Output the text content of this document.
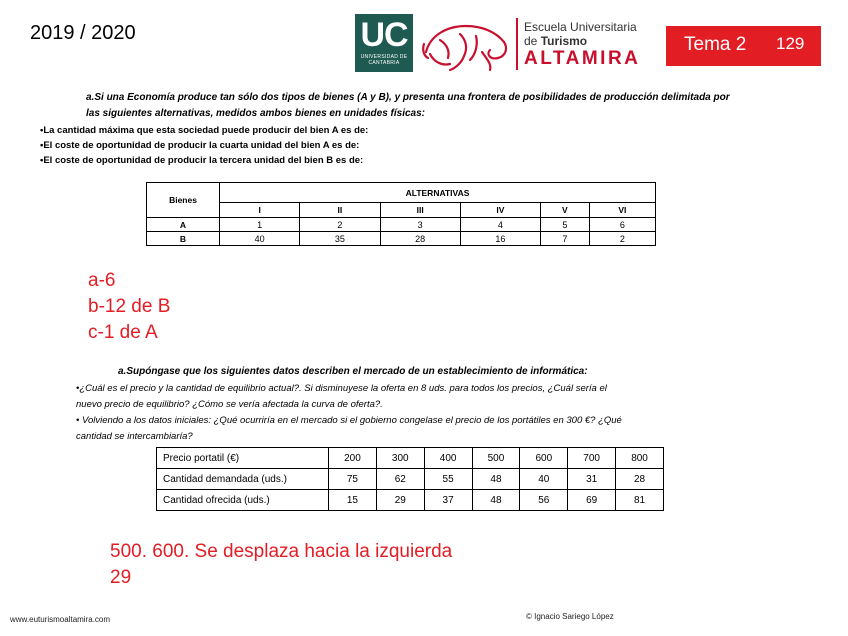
2019 / 2020	UC
UNIVERSIDAD DE CANTABRIA
Escuela Universitaria
de Turismo
ALTAMIRA
Tema 2 129
a.Si una Economía produce tan sólo dos tipos de bienes (A y B), y presenta una frontera de posibilidades de producción delimitada por
las siguientes alternativas, medidos ambos bienes en unidades físicas:
•La cantidad máxima que esta sociedad puede producir del bien A es de:
•El coste de oportunidad de producir la cuarta unidad del bien A es de:
•El coste de oportunidad de producir la tercera unidad del bien B es de:
Bienes	ALTERNATIVAS					
	I	II	III	IV	V	VI
A	1	2	3	4	5	6
B	40	35	28	16	7	2
a-6
b-12 de B
c-1 de A
a.Supóngase que los siguientes datos describen el mercado de un establecimiento de informática:
•¿Cuál es el precio y la cantidad de equilibrio actual?. Si disminuyese la oferta en 8 uds. para todos los precios, ¿Cuál sería el
nuevo precio de equilibrio? ¿Cómo se vería afectada la curva de oferta?.
• Volviendo a los datos iniciales: ¿Qué ocurriría en el mercado si el gobierno congelase el precio de los portátiles en 300 €? ¿Qué
cantidad se intercambiaría?
Precio portatil (€)	200	300	400	500	600	700	800
Cantidad demandada (uds.)	75	62	55	48	40	31	28
Cantidad ofrecida (uds.)	15	29	37	48	56	69	81
500. 600. Se desplaza hacia la izquierda
29
www.euturismoaltamira.com	© Ignacio Sariego López
